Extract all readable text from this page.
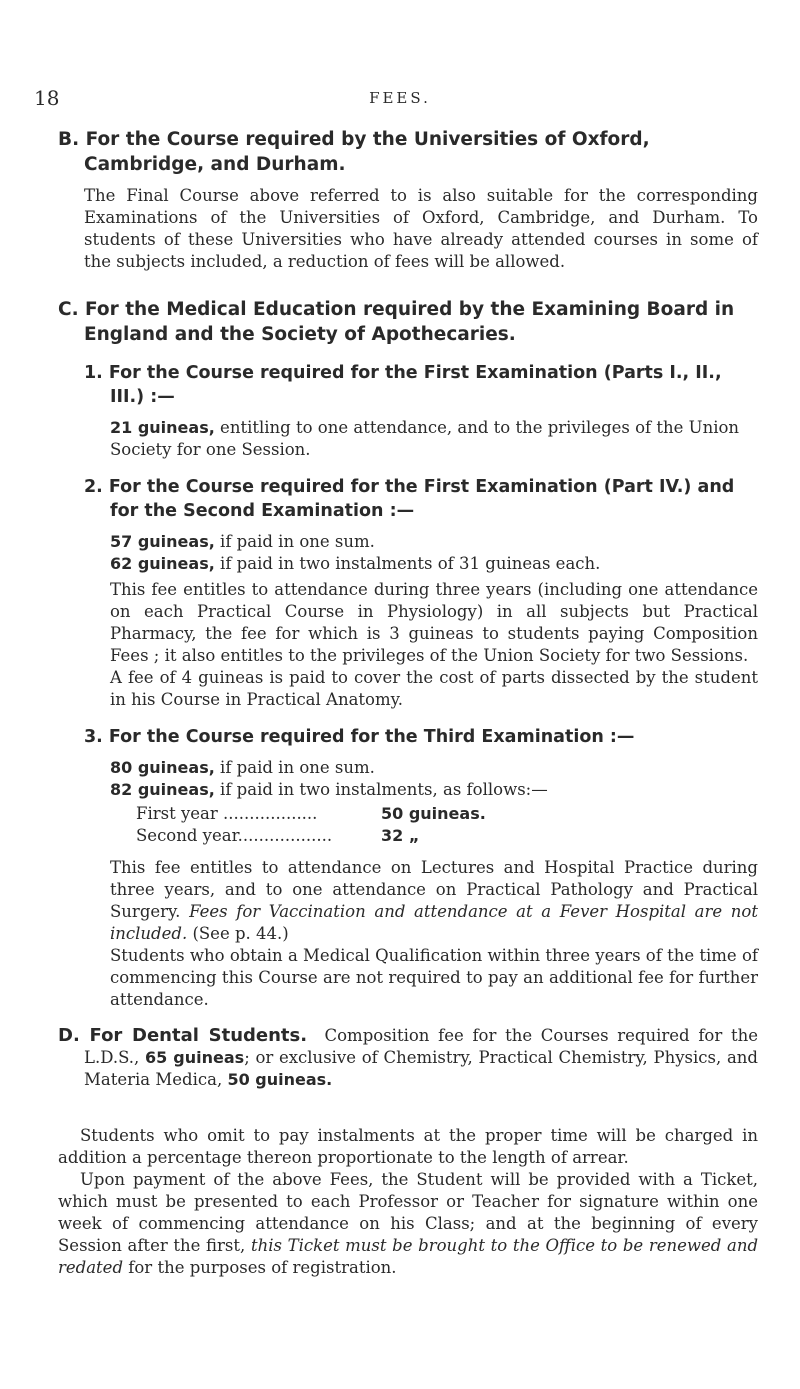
18	FEES.
B. For the Course required by the Universities of Oxford, Cambridge, and Durham.
The Final Course above referred to is also suitable for the corresponding Examinations of the Universities of Oxford, Cambridge, and Durham. To students of these Universities who have already attended courses in some of the subjects included, a reduction of fees will be allowed.
C. For the Medical Education required by the Examining Board in England and the Society of Apothecaries.
1. For the Course required for the First Examination (Parts I., II., III.) :—
21 guineas, entitling to one attendance, and to the privileges of the Union Society for one Session.
2. For the Course required for the First Examination (Part IV.) and for the Second Examination :—
57 guineas, if paid in one sum.
62 guineas, if paid in two instalments of 31 guineas each.
This fee entitles to attendance during three years (including one attendance on each Practical Course in Physiology) in all subjects but Practical Pharmacy, the fee for which is 3 guineas to students paying Composition Fees ; it also entitles to the privileges of the Union Society for two Sessions.
A fee of 4 guineas is paid to cover the cost of parts dissected by the student in his Course in Practical Anatomy.
3. For the Course required for the Third Examination :—
80 guineas, if paid in one sum.
82 guineas, if paid in two instalments, as follows:—
First year ..................	50 guineas.
Second year..................	32 „
This fee entitles to attendance on Lectures and Hospital Practice during three years, and to one attendance on Practical Pathology and Practical Surgery. Fees for Vaccination and attendance at a Fever Hospital are not included. (See p. 44.)
Students who obtain a Medical Qualification within three years of the time of commencing this Course are not required to pay an additional fee for further attendance.
D. For Dental Students. Composition fee for the Courses required for the L.D.S., 65 guineas; or exclusive of Chemistry, Practical Chemistry, Physics, and Materia Medica, 50 guineas.

Students who omit to pay instalments at the proper time will be charged in addition a percentage thereon proportionate to the length of arrear.

Upon payment of the above Fees, the Student will be provided with a Ticket, which must be presented to each Professor or Teacher for signature within one week of commencing attendance on his Class; and at the beginning of every Session after the first, this Ticket must be brought to the Office to be renewed and redated for the purposes of registration.
